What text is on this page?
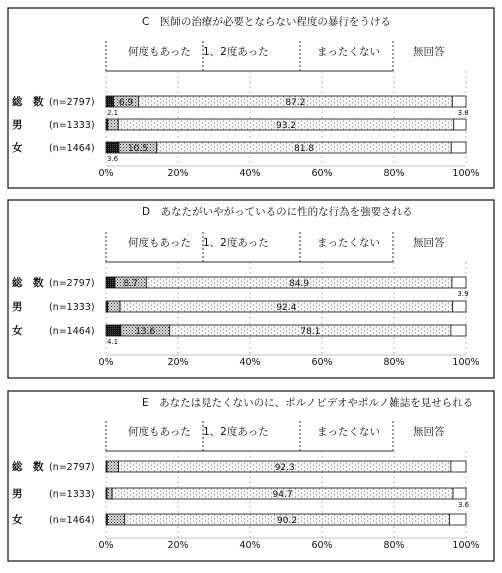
C　医師の治療が必要とならない程度の暴行をうける
何度もあった 1、2度あった	まったくない	無回答
総　数 (n=2797)
2.1
6.9	87.2
3.8
男	(n=1333)	93.2
女	(n=1464)
3.6
10.5	81.8
0%	20%	40%	60%	80%	100%
D　あなたがいやがっているのに性的な行為を強要される
何度もあった 1、2度あった	まったくない	無回答
総　数 (n=2797)	8.7	84.9
3.9
男	(n=1333)	92.4
女	(n=1464)
4.1
13.6	78.1
0%	20%	40%	60%	80%	100%
E　あなたは見たくないのに、ポルノビデオやポルノ雑誌を見せられる
何度もあった 1、2度あった	まったくない	無回答
総　数 (n=2797)	92.3
男	(n=1333)	94.7
3.6
女	(n=1464)	90.2
0%	20%	40%	60%	80%	100%
